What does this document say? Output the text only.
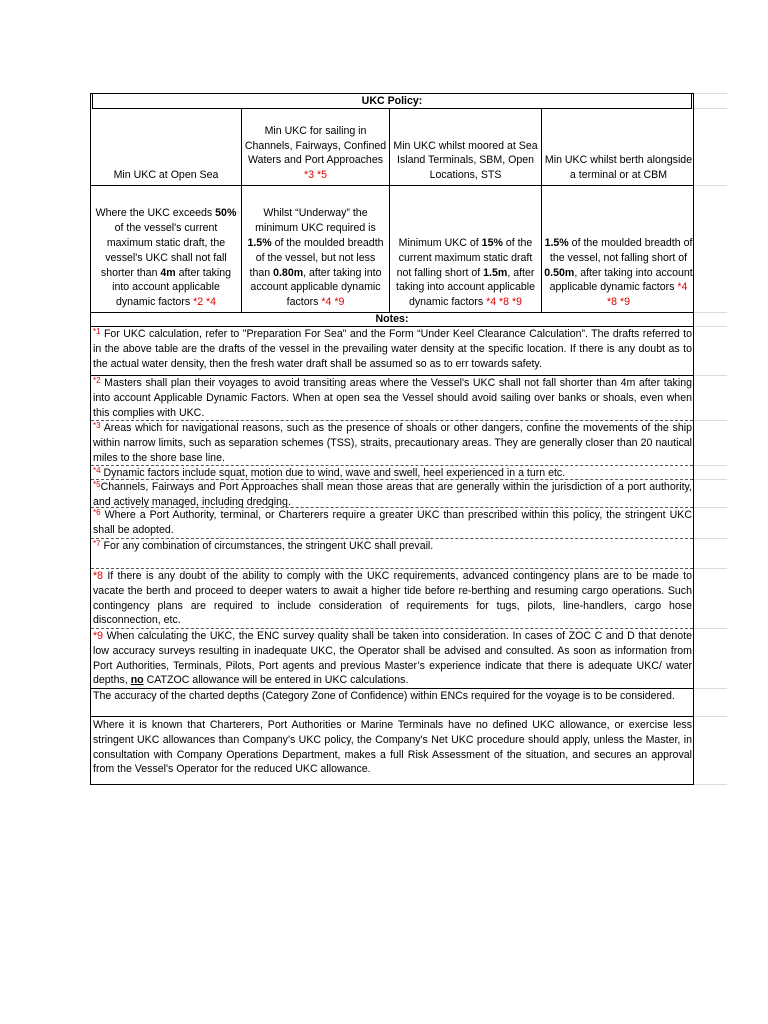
UKC Policy:
Min UKC at Open Sea
Min UKC for sailing in Channels, Fairways, Confined Waters and Port Approaches
*3 *5
Min UKC whilst moored at Sea Island Terminals, SBM, Open Locations, STS
Min UKC whilst berth alongside a terminal or at CBM
Where the UKC exceeds 50% of the vessel's current maximum static draft, the vessel's UKC shall not fall shorter than 4m after taking into account applicable dynamic factors *2 *4
Whilst “Underway” the minimum UKC required is 1.5% of the moulded breadth of the vessel, but not less than 0.80m, after taking into account applicable dynamic factors *4 *9
Minimum UKC of 15% of the current maximum static draft not falling short of 1.5m, after taking into account applicable dynamic factors *4 *8 *9
1.5% of the moulded breadth of the vessel, not falling short of 0.50m, after taking into account applicable dynamic factors *4 *8 *9
Notes:
$^{*1}$ For UKC calculation, refer to "Preparation For Sea" and the Form “Under Keel Clearance Calculation”. The drafts referred to in the above table are the drafts of the vessel in the prevailing water density at the specific location. If there is any doubt as to the actual water density, then the fresh water draft shall be assumed so as to err towards safety.
$^{*2}$ Masters shall plan their voyages to avoid transiting areas where the Vessel's UKC shall not fall shorter than 4m after taking into account Applicable Dynamic Factors. When at open sea the Vessel should avoid sailing over banks or shoals, even when this complies with UKC.
$^{*3}$ Areas which for navigational reasons, such as the presence of shoals or other dangers, confine the movements of the ship within narrow limits, such as separation schemes (TSS), straits, precautionary areas. They are generally closer than 20 nautical miles to the shore base line.
$^{*4}$ Dynamic factors include squat, motion due to wind, wave and swell, heel experienced in a turn etc.
$^{*5}$Channels, Fairways and Port Approaches shall mean those areas that are generally within the jurisdiction of a port authority, and actively managed, including dredging.
$^{*6}$ Where a Port Authority, terminal, or Charterers require a greater UKC than prescribed within this policy, the stringent UKC shall be adopted.
$^{*7}$ For any combination of circumstances, the stringent UKC shall prevail.
*8 If there is any doubt of the ability to comply with the UKC requirements, advanced contingency plans are to be made to vacate the berth and proceed to deeper waters to await a higher tide before re-berthing and resuming cargo operations. Such contingency plans are required to include consideration of requirements for tugs, pilots, line-handlers, cargo hose disconnection, etc.
*9 When calculating the UKC, the ENC survey quality shall be taken into consideration. In cases of ZOC C and D that denote low accuracy surveys resulting in inadequate UKC, the Operator shall be advised and consulted. As soon as information from Port Authorities, Terminals, Pilots, Port agents and previous Master’s experience indicate that there is adequate UKC/ water depths, no CATZOC allowance will be entered in UKC calculations.
The accuracy of the charted depths (Category Zone of Confidence) within ENCs required for the voyage is to be considered.
Where it is known that Charterers, Port Authorities or Marine Terminals have no defined UKC allowance, or exercise less stringent UKC allowances than Company's UKC policy, the Company's Net UKC procedure should apply, unless the Master, in consultation with Company Operations Department, makes a full Risk Assessment of the situation, and secures an approval from the Vessel's Operator for the reduced UKC allowance.
